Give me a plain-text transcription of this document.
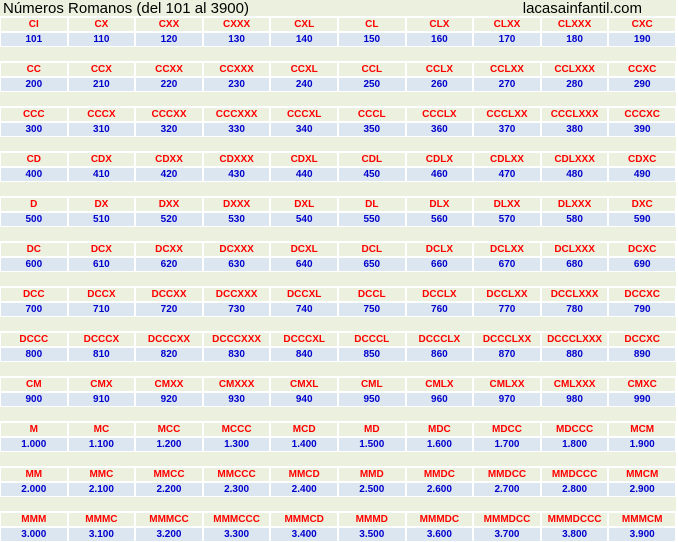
Números Romanos (del 101 al 3900)	lacasainfantil.com
CI	CX	CXX	CXXX	CXL	CL	CLX	CLXX	CLXXX	CXC
101	110	120	130	140	150	160	170	180	190
CC	CCX	CCXX	CCXXX	CCXL	CCL	CCLX	CCLXX	CCLXXX	CCXC
200	210	220	230	240	250	260	270	280	290
CCC	CCCX	CCCXX	CCCXXX	CCCXL	CCCL	CCCLX	CCCLXX	CCCLXXX	CCCXC
300	310	320	330	340	350	360	370	380	390
CD	CDX	CDXX	CDXXX	CDXL	CDL	CDLX	CDLXX	CDLXXX	CDXC
400	410	420	430	440	450	460	470	480	490
D	DX	DXX	DXXX	DXL	DL	DLX	DLXX	DLXXX	DXC
500	510	520	530	540	550	560	570	580	590
DC	DCX	DCXX	DCXXX	DCXL	DCL	DCLX	DCLXX	DCLXXX	DCXC
600	610	620	630	640	650	660	670	680	690
DCC	DCCX	DCCXX	DCCXXX	DCCXL	DCCL	DCCLX	DCCLXX	DCCLXXX	DCCXC
700	710	720	730	740	750	760	770	780	790
DCCC	DCCCX	DCCCXX	DCCCXXX	DCCCXL	DCCCL	DCCCLX	DCCCLXX	DCCCLXXX	DCCXC
800	810	820	830	840	850	860	870	880	890
CM	CMX	CMXX	CMXXX	CMXL	CML	CMLX	CMLXX	CMLXXX	CMXC
900	910	920	930	940	950	960	970	980	990
M	MC	MCC	MCCC	MCD	MD	MDC	MDCC	MDCCC	MCM
1.000	1.100	1.200	1.300	1.400	1.500	1.600	1.700	1.800	1.900
MM	MMC	MMCC	MMCCC	MMCD	MMD	MMDC	MMDCC	MMDCCC	MMCM
2.000	2.100	2.200	2.300	2.400	2.500	2.600	2.700	2.800	2.900
MMM	MMMC	MMMCC	MMMCCC	MMMCD	MMMD	MMMDC	MMMDCC	MMMDCCC	MMMCM
3.000	3.100	3.200	3.300	3.400	3.500	3.600	3.700	3.800	3.900
